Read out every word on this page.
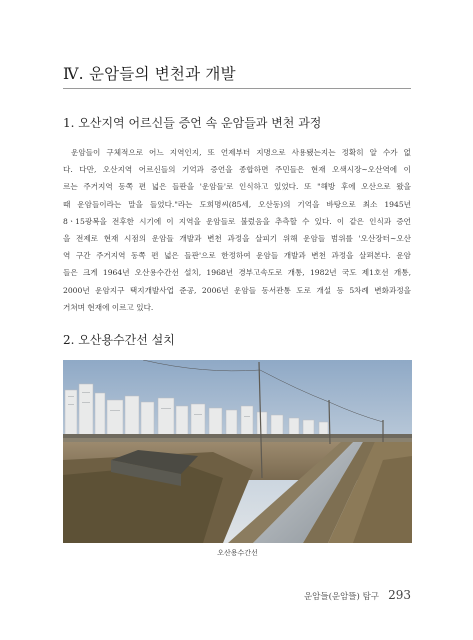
Ⅳ. 운암들의 변천과 개발
1. 오산지역 어르신들 증언 속 운암들과 변천 과정
운암들이 구체적으로 어느 지역인지, 또 언제부터 지명으로 사용됐는지는 정확히 알 수가 없
다. 다만, 오산지역 어르신들의 기억과 증언을 종합하면 주민들은 현재 오색시장~오산역에 이
르는 주거지역 동쪽 편 넓은 들판을 '운암들'로 인식하고 있었다. 또 "해방 후에 오산으로 왔을
때 운암들이라는 말을 들었다."라는 도희명씨(85세, 오산동)의 기억을 바탕으로 최소 1945년
8ㆍ15광복을 전후한 시기에 이 지역을 운암들로 불렀음을 추측할 수 있다. 이 같은 인식과 증언
을 전제로 현재 시점의 운암들 개발과 변천 과정을 살피기 위해 운암들 범위를 '오산장터~오산
역 구간 주거지역 동쪽 편 넓은 들판'으로 한정하여 운암들 개발과 변천 과정을 살펴본다. 운암
들은 크게 1964년 오산용수간선 설치, 1968년 경부고속도로 개통, 1982년 국도 제1호선 개통,
2000년 운암지구 택지개발사업 준공, 2006년 운암들 동서관통 도로 개설 등 5차례 변화과정을
거쳐며 현재에 이르고 있다.
2. 오산용수간선 설치
오산용수간선
운암들(운암뜰) 탐구 293
